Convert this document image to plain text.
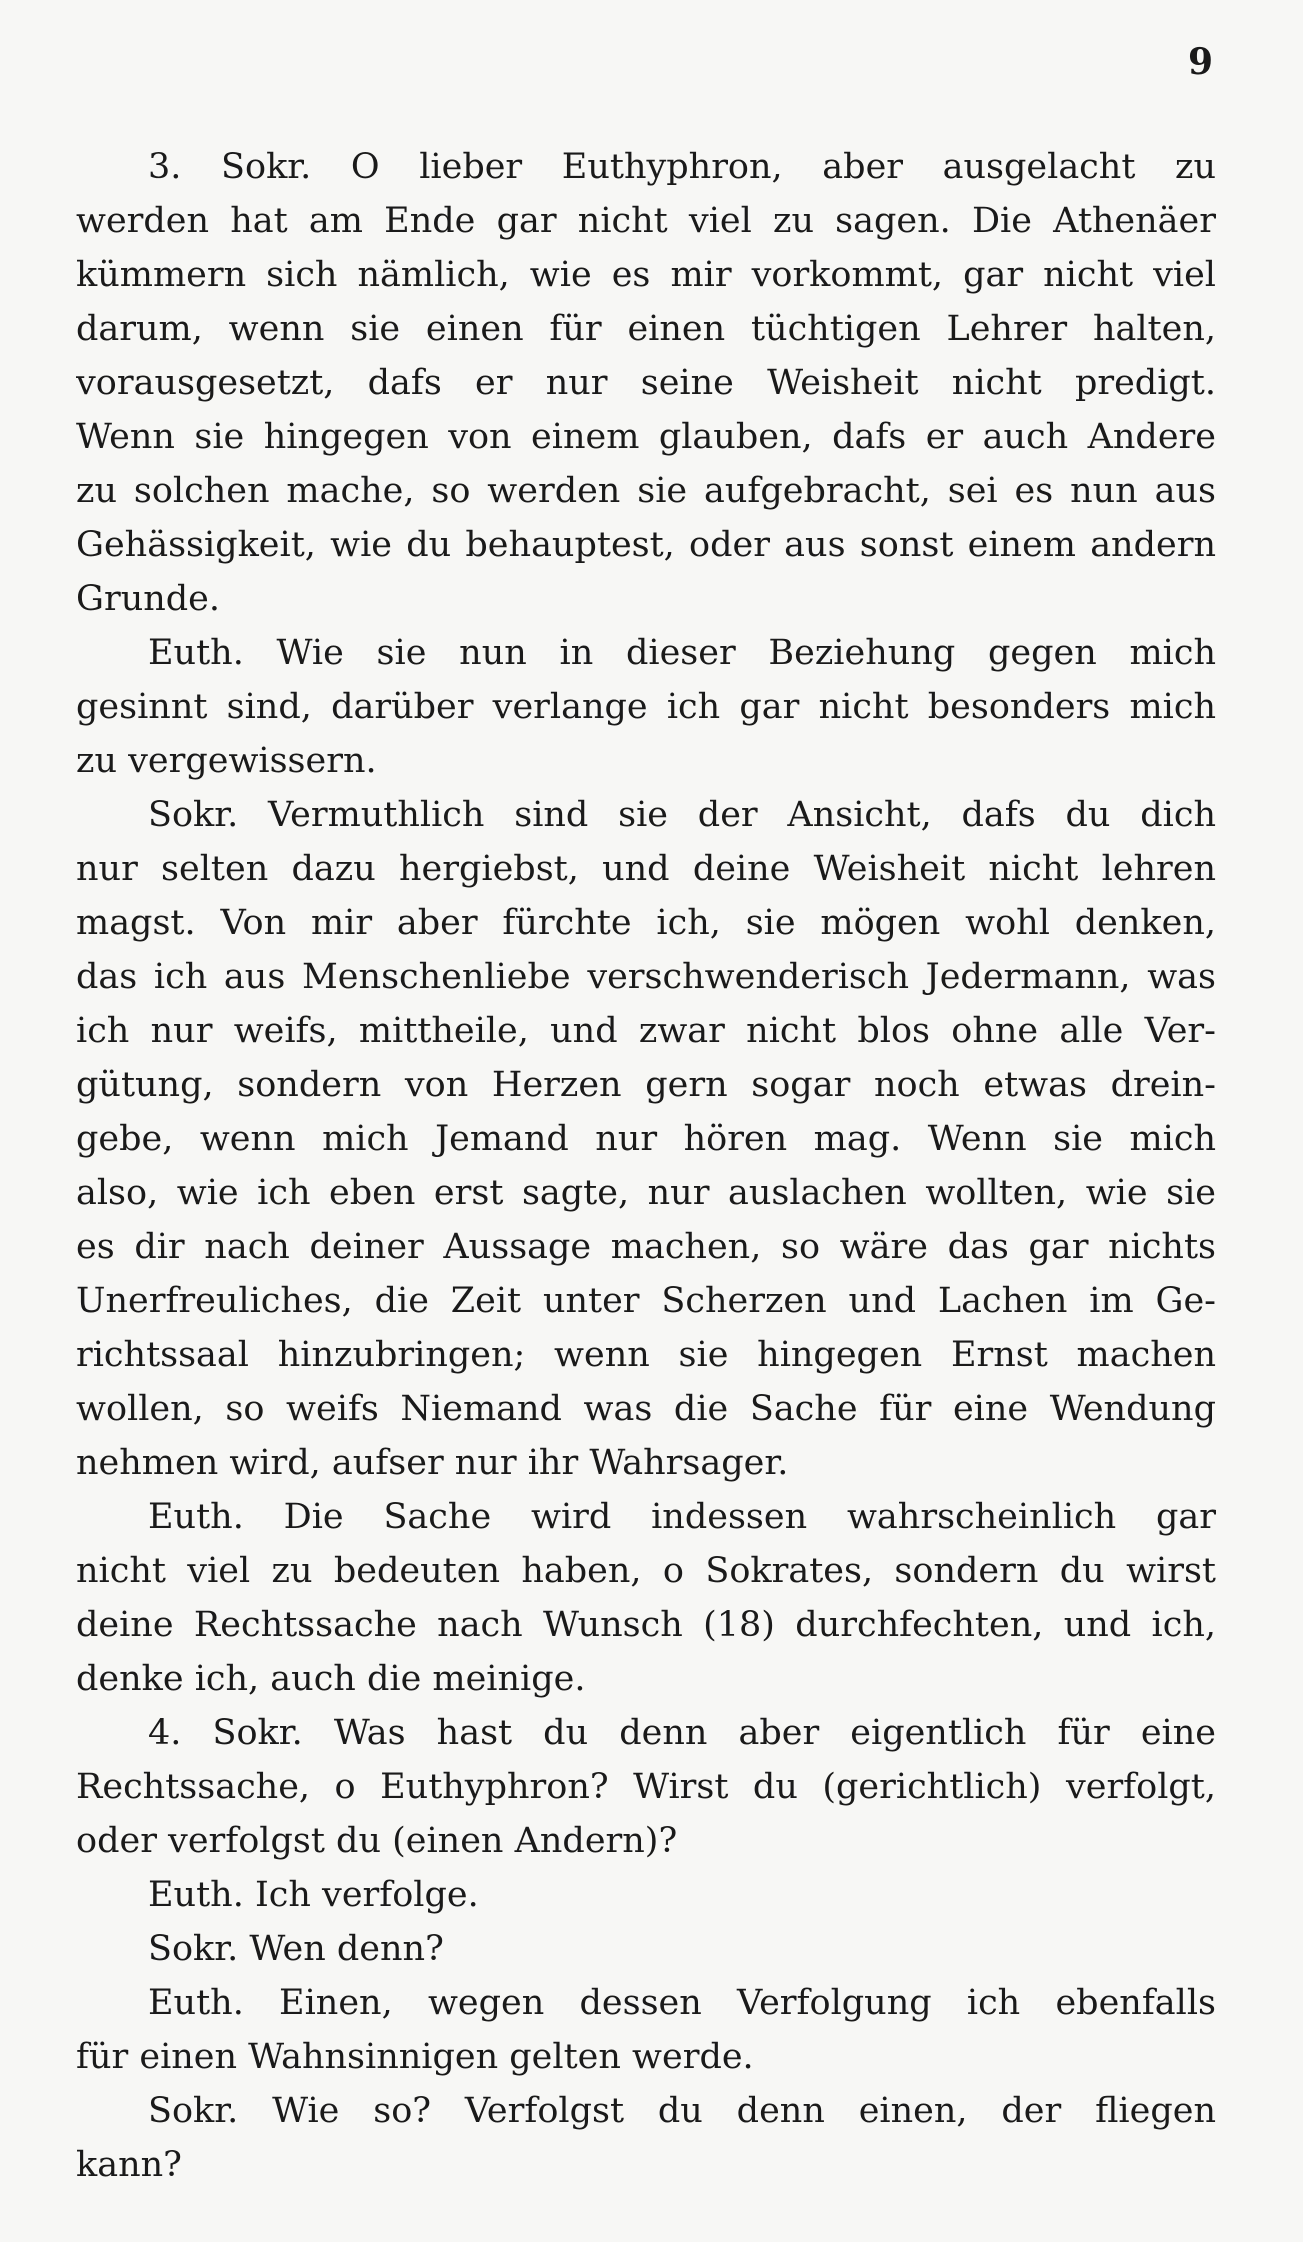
9
3. Sokr. O lieber Euthyphron, aber ausgelacht zu
werden hat am Ende gar nicht viel zu sagen. Die Athenäer
kümmern sich nämlich, wie es mir vorkommt, gar nicht viel
darum, wenn sie einen für einen tüchtigen Lehrer halten,
vorausgesetzt, dafs er nur seine Weisheit nicht predigt.
Wenn sie hingegen von einem glauben, dafs er auch Andere
zu solchen mache, so werden sie aufgebracht, sei es nun aus
Gehässigkeit, wie du behauptest, oder aus sonst einem andern
Grunde.
Euth. Wie sie nun in dieser Beziehung gegen mich
gesinnt sind, darüber verlange ich gar nicht besonders mich
zu vergewissern.
Sokr. Vermuthlich sind sie der Ansicht, dafs du dich
nur selten dazu hergiebst, und deine Weisheit nicht lehren
magst. Von mir aber fürchte ich, sie mögen wohl denken,
das ich aus Menschenliebe verschwenderisch Jedermann, was
ich nur weifs, mittheile, und zwar nicht blos ohne alle Ver-
gütung, sondern von Herzen gern sogar noch etwas drein-
gebe, wenn mich Jemand nur hören mag. Wenn sie mich
also, wie ich eben erst sagte, nur auslachen wollten, wie sie
es dir nach deiner Aussage machen, so wäre das gar nichts
Unerfreuliches, die Zeit unter Scherzen und Lachen im Ge-
richtssaal hinzubringen; wenn sie hingegen Ernst machen
wollen, so weifs Niemand was die Sache für eine Wendung
nehmen wird, aufser nur ihr Wahrsager.
Euth. Die Sache wird indessen wahrscheinlich gar
nicht viel zu bedeuten haben, o Sokrates, sondern du wirst
deine Rechtssache nach Wunsch (18) durchfechten, und ich,
denke ich, auch die meinige.
4. Sokr. Was hast du denn aber eigentlich für eine
Rechtssache, o Euthyphron? Wirst du (gerichtlich) verfolgt,
oder verfolgst du (einen Andern)?
Euth. Ich verfolge.
Sokr. Wen denn?
Euth. Einen, wegen dessen Verfolgung ich ebenfalls
für einen Wahnsinnigen gelten werde.
Sokr. Wie so? Verfolgst du denn einen, der fliegen
kann?
